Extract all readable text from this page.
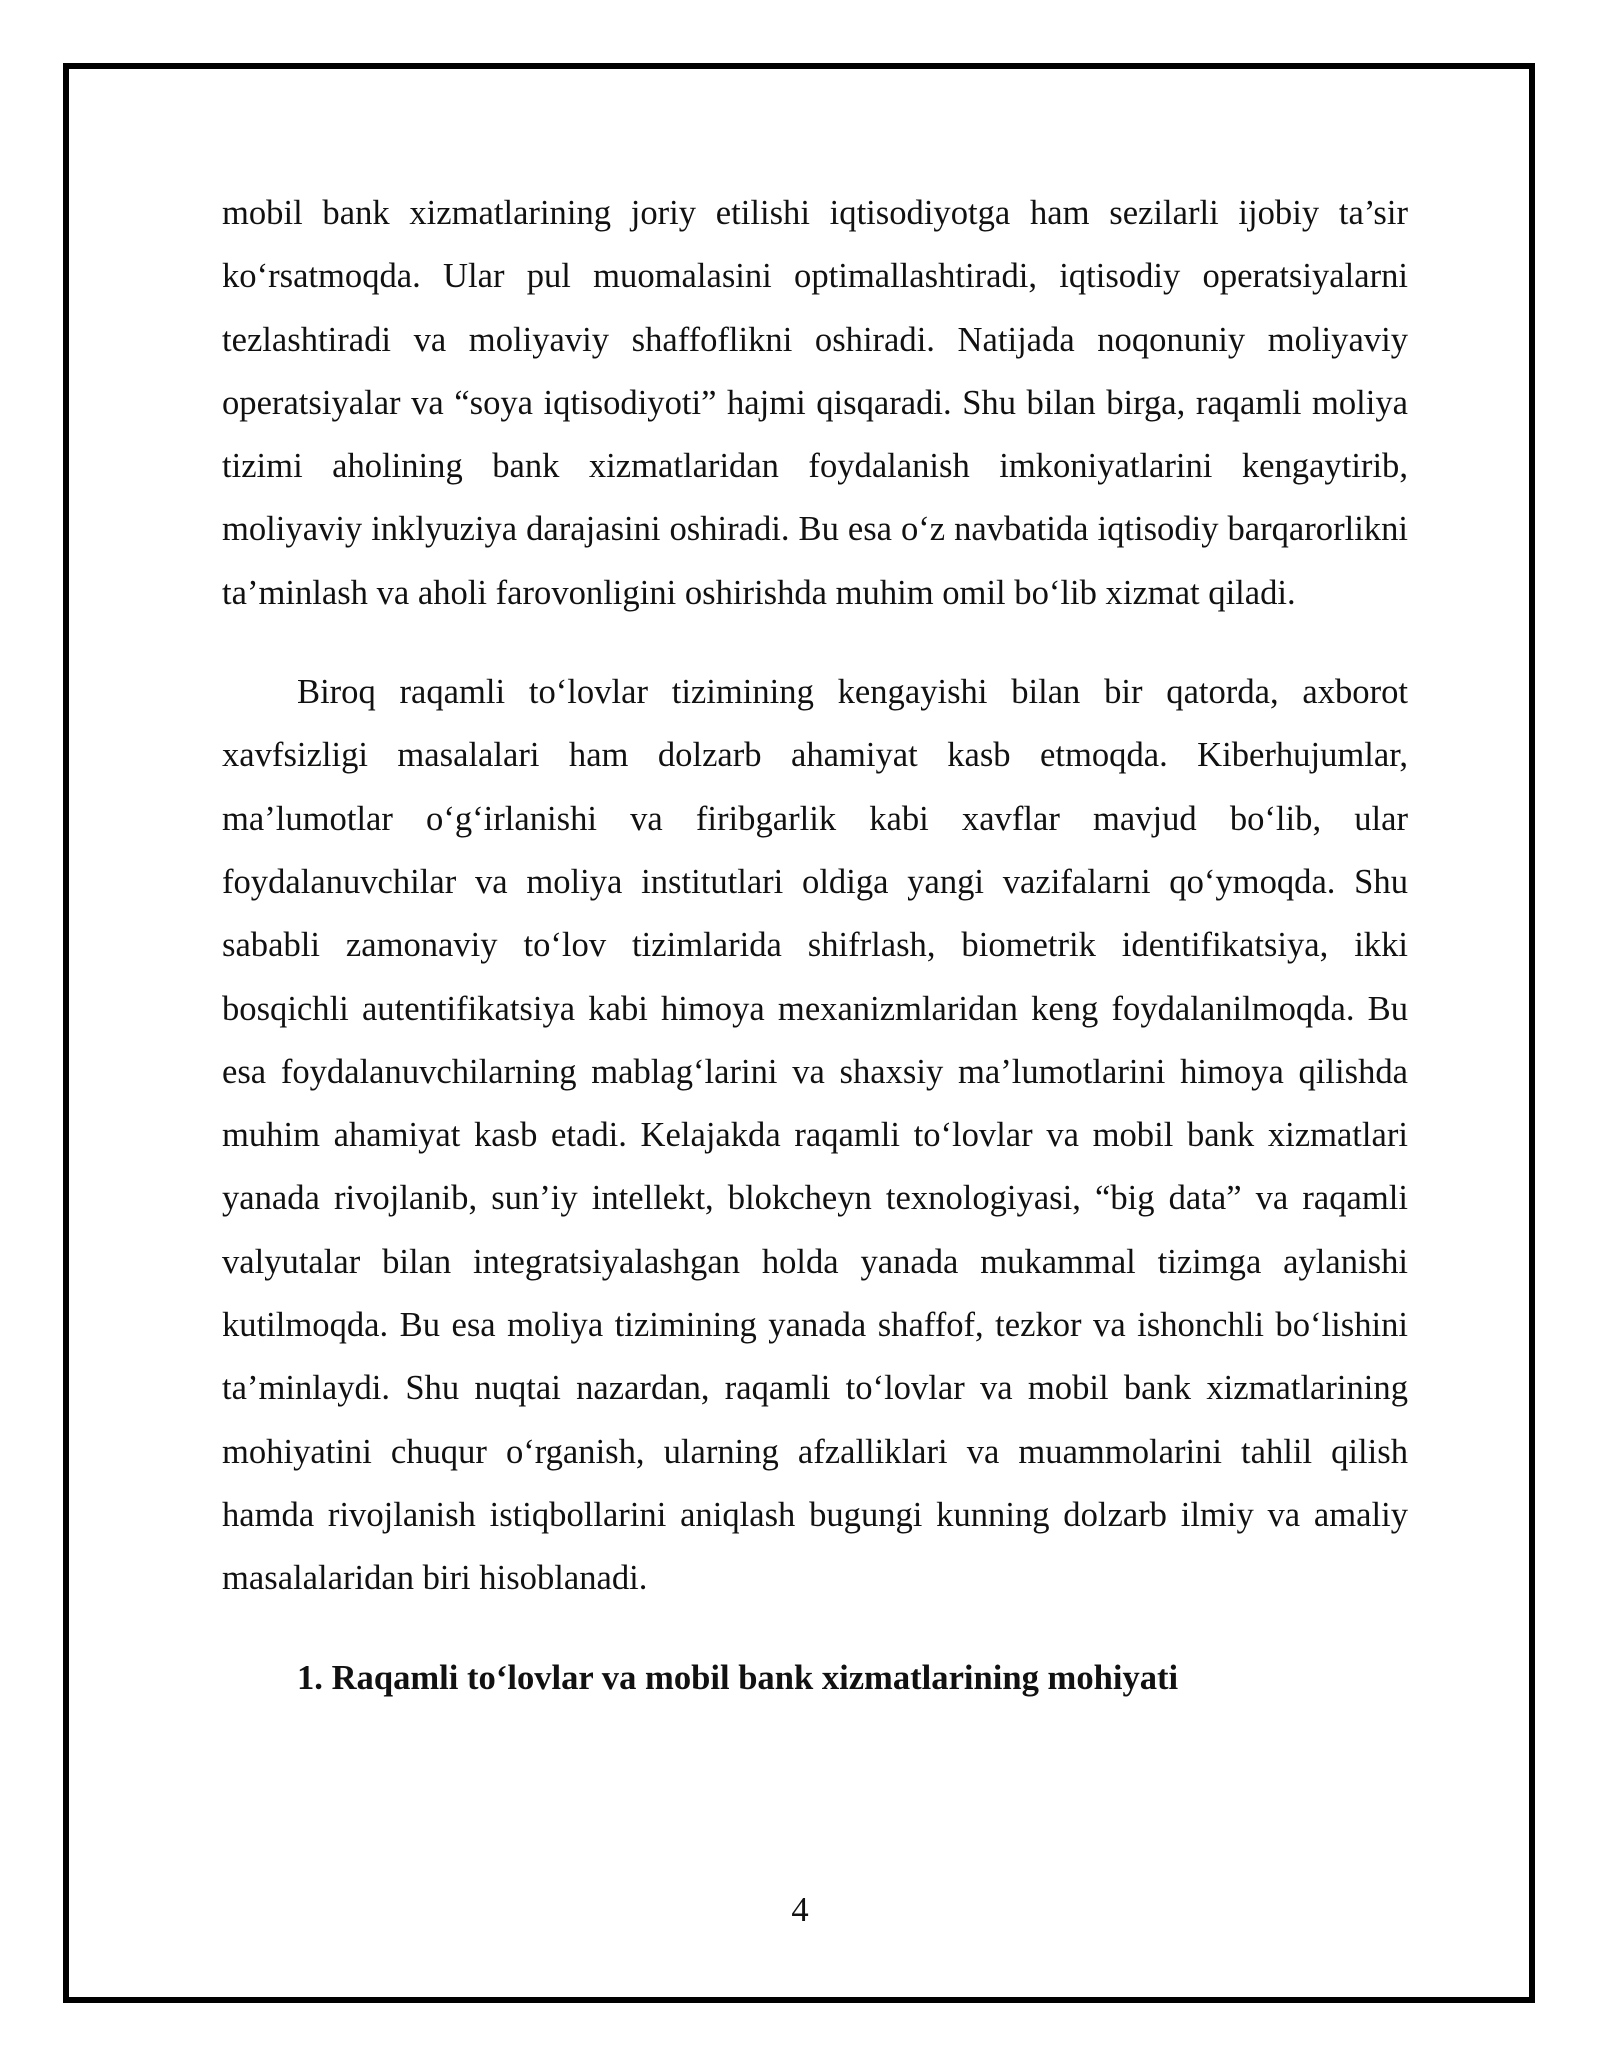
mobil bank xizmatlarining joriy etilishi iqtisodiyotga ham sezilarli ijobiy ta’sir ko‘rsatmoqda. Ular pul muomalasini optimallashtiradi, iqtisodiy operatsiyalarni tezlashtiradi va moliyaviy shaffoflikni oshiradi. Natijada noqonuniy moliyaviy operatsiyalar va “soya iqtisodiyoti” hajmi qisqaradi. Shu bilan birga, raqamli moliya tizimi aholining bank xizmatlaridan foydalanish imkoniyatlarini kengaytirib, moliyaviy inklyuziya darajasini oshiradi. Bu esa o‘z navbatida iqtisodiy barqarorlikni ta’minlash va aholi farovonligini oshirishda muhim omil bo‘lib xizmat qiladi.

Biroq raqamli to‘lovlar tizimining kengayishi bilan bir qatorda, axborot xavfsizligi masalalari ham dolzarb ahamiyat kasb etmoqda. Kiberhujumlar, ma’lumotlar o‘g‘irlanishi va firibgarlik kabi xavflar mavjud bo‘lib, ular foydalanuvchilar va moliya institutlari oldiga yangi vazifalarni qo‘ymoqda. Shu sababli zamonaviy to‘lov tizimlarida shifrlash, biometrik identifikatsiya, ikki bosqichli autentifikatsiya kabi himoya mexanizmlaridan keng foydalanilmoqda. Bu esa foydalanuvchilarning mablag‘larini va shaxsiy ma’lumotlarini himoya qilishda muhim ahamiyat kasb etadi. Kelajakda raqamli to‘lovlar va mobil bank xizmatlari yanada rivojlanib, sun’iy intellekt, blokcheyn texnologiyasi, “big data” va raqamli valyutalar bilan integratsiyalashgan holda yanada mukammal tizimga aylanishi kutilmoqda. Bu esa moliya tizimining yanada shaffof, tezkor va ishonchli bo‘lishini ta’minlaydi. Shu nuqtai nazardan, raqamli to‘lovlar va mobil bank xizmatlarining mohiyatini chuqur o‘rganish, ularning afzalliklari va muammolarini tahlil qilish hamda rivojlanish istiqbollarini aniqlash bugungi kunning dolzarb ilmiy va amaliy masalalaridan biri hisoblanadi.

1. Raqamli to‘lovlar va mobil bank xizmatlarining mohiyati

4
